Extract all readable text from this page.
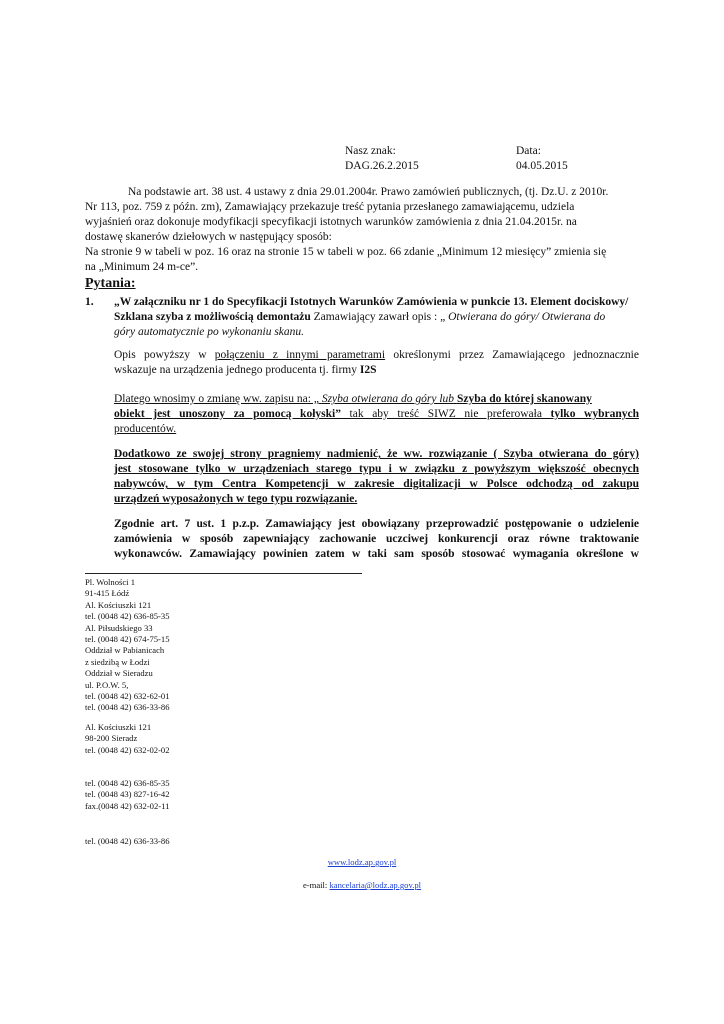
Nasz znak:
DAG.26.2.2015
Data:
04.05.2015
Na podstawie art. 38 ust. 4 ustawy z dnia 29.01.2004r. Prawo zamówień publicznych, (tj. Dz.U. z 2010r.
Nr 113, poz. 759 z późn. zm), Zamawiający przekazuje treść pytania przesłanego zamawiającemu, udziela
wyjaśnień oraz dokonuje modyfikacji specyfikacji istotnych warunków zamówienia z dnia 21.04.2015r. na
dostawę skanerów dziełowych w następujący sposób:
Na stronie 9 w tabeli w poz. 16 oraz na stronie 15 w tabeli w poz. 66 zdanie „Minimum 12 miesięcy” zmienia się
na „Minimum 24 m-ce”.
Pytania:
1. „W załączniku nr 1 do Specyfikacji Istotnych Warunków Zamówienia w punkcie 13. Element dociskowy/
Szklana szyba z możliwością demontażu Zamawiający zawarł opis : „ Otwierana do góry/ Otwierana do
góry automatycznie po wykonaniu skanu.
Opis powyższy w połączeniu z innymi parametrami określonymi przez Zamawiającego jednoznacznie
wskazuje na urządzenia jednego producenta tj. firmy I2S
Dlatego wnosimy o zmianę ww. zapisu na: „ Szyba otwierana do góry lub Szyba do której skanowany
obiekt jest unoszony za pomocą kołyski” tak aby treść SIWZ nie preferowała tylko wybranych
producentów.
Dodatkowo ze swojej strony pragniemy nadmienić, że ww. rozwiązanie ( Szyba otwierana do góry)
jest stosowane tylko w urządzeniach starego typu i w związku z powyższym większość obecnych
nabywców, w tym Centra Kompetencji w zakresie digitalizacji w Polsce odchodzą od zakupu
urządzeń wyposażonych w tego typu rozwiązanie.
Zgodnie art. 7 ust. 1 p.z.p. Zamawiający jest obowiązany przeprowadzić postępowanie o udzielenie
zamówienia w sposób zapewniający zachowanie uczciwej konkurencji oraz równe traktowanie
wykonawców. Zamawiający powinien zatem w taki sam sposób stosować wymagania określone w
Pl. Wolności 1
91-415 Łódź
Al. Kościuszki 121
tel. (0048 42) 636-85-35
Al. Piłsudskiego 33
tel. (0048 42) 674-75-15
Oddział w Pabianicach
z siedzibą w Łodzi
Oddział w Sieradzu
ul. P.O.W. 5,
tel. (0048 42) 632-62-01
tel. (0048 42) 636-33-86
Al. Kościuszki 121
98-200 Sieradz
tel. (0048 42) 632-02-02
tel. (0048 42) 636-85-35
tel. (0048 43) 827-16-42
fax.(0048 42) 632-02-11
tel. (0048 42) 636-33-86
www.lodz.ap.gov.pl
e-mail: kancelaria@lodz.ap.gov.pl
